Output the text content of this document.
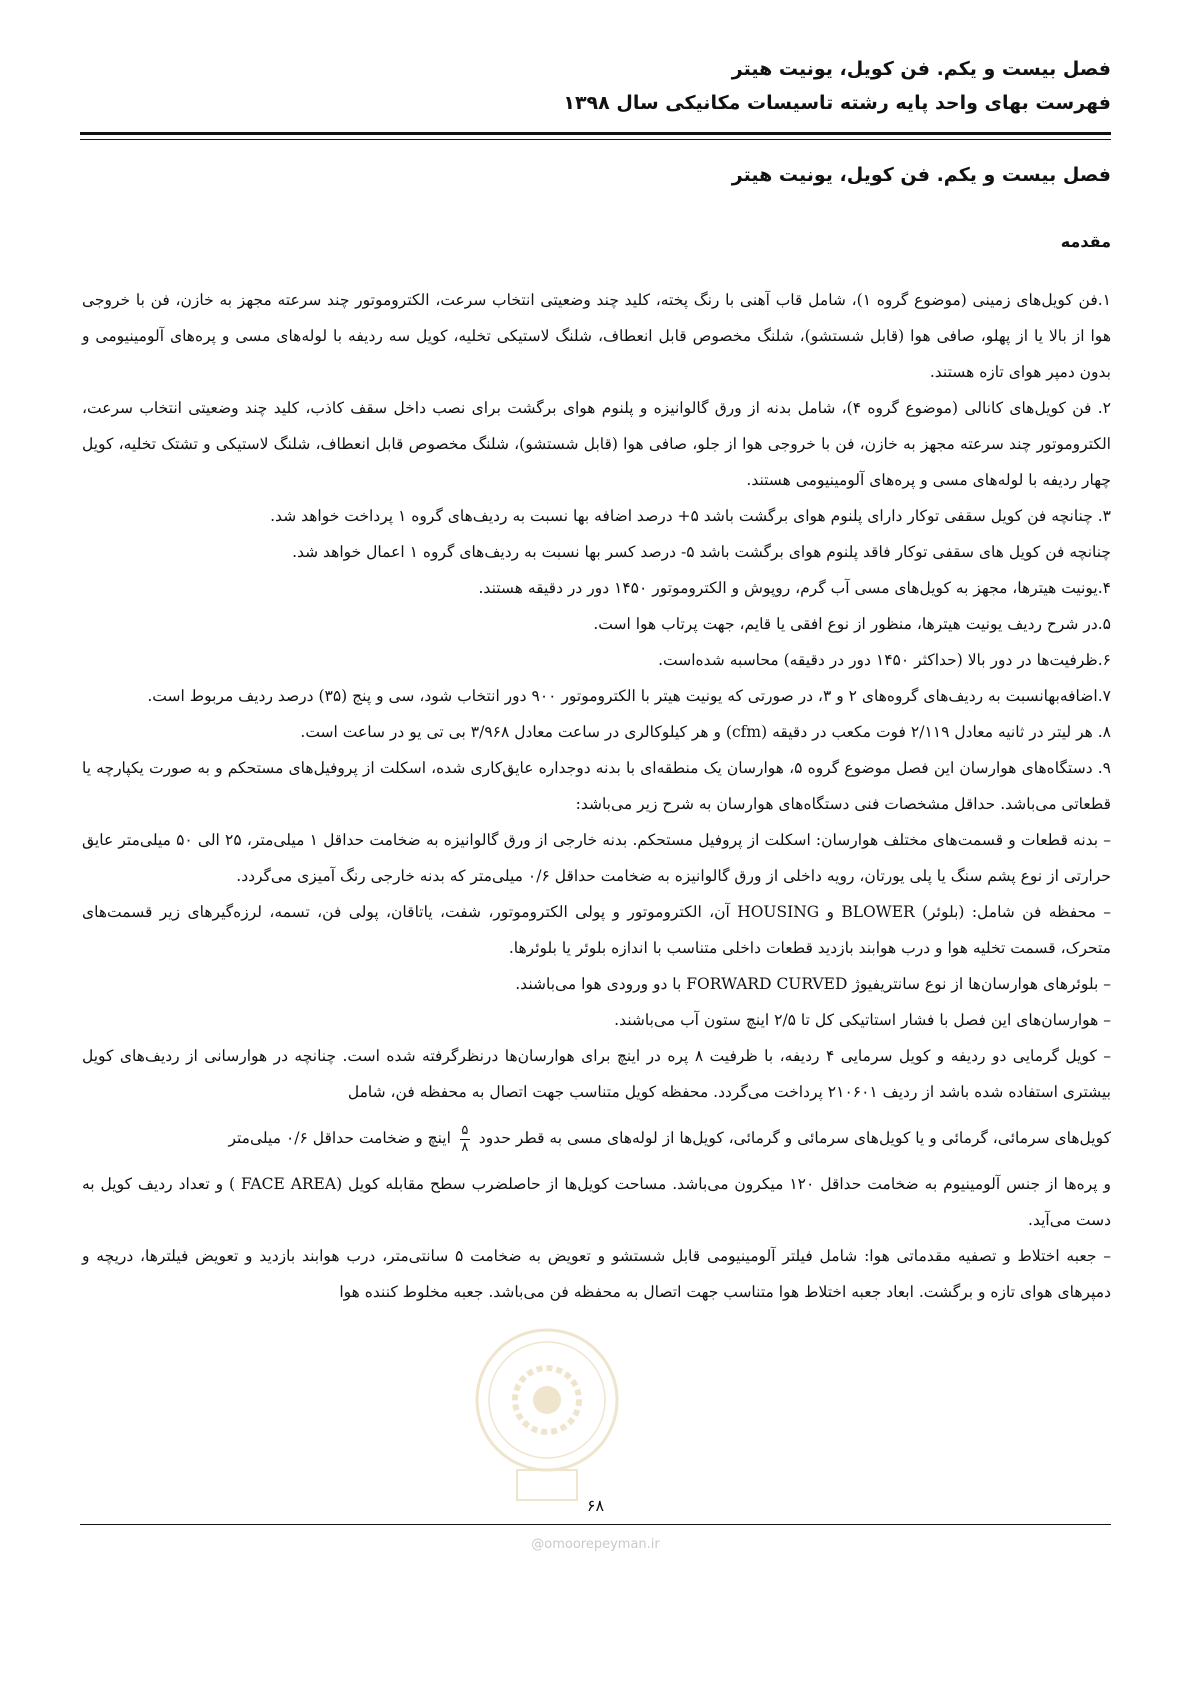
فصل بیست و یکم. فن کویل، یونیت هیتر
فهرست بهای واحد پایه رشته تاسیسات مکانیکی سال ۱۳۹۸
فصل بیست و یکم. فن کویل، یونیت هیتر
مقدمه

۱.فن کویل‌های زمینی (موضوع گروه ۱)، شامل قاب آهنی با رنگ پخته، کلید چند وضعیتی انتخاب سرعت، الکتروموتور چند سرعته مجهز به خازن، فن با خروجی هوا از بالا یا از پهلو، صافی هوا (قابل شستشو)، شلنگ مخصوص قابل انعطاف، شلنگ لاستیکی تخلیه، کویل سه ردیفه با لوله‌های مسی و پره‌های آلومینیومی و بدون دمپر هوای تازه هستند.

۲. فن کویل‌های کانالی (موضوع گروه ۴)، شامل بدنه از ورق گالوانیزه و پلنوم هوای برگشت برای نصب داخل سقف کاذب، کلید چند وضعیتی انتخاب سرعت، الکتروموتور چند سرعته مجهز به خازن، فن با خروجی هوا از جلو، صافی هوا (قابل شستشو)، شلنگ مخصوص قابل انعطاف، شلنگ لاستیکی و تشتک تخلیه، کویل چهار ردیفه با لوله‌های مسی و پره‌های آلومینیومی هستند.

۳. چنانچه فن کویل سقفی توکار دارای پلنوم هوای برگشت باشد ۵+ درصد اضافه بها نسبت به ردیف‌های گروه ۱ پرداخت خواهد شد.

چنانچه فن کویل های سقفی توکار فاقد پلنوم هوای برگشت باشد ۵- درصد کسر بها نسبت به ردیف‌های گروه ۱ اعمال خواهد شد.

۴.یونیت هیترها، مجهز به کویل‌های مسی آب گرم، روپوش و الکتروموتور ۱۴۵۰ دور در دقیقه هستند.

۵.در شرح ردیف یونیت هیترها، منظور از نوع افقی یا قایم، جهت پرتاب هوا است.

۶.ظرفیت‌ها در دور بالا (حداکثر ۱۴۵۰ دور در دقیقه) محاسبه شده‌است.

۷.اضافه‌بهانسبت به ردیف‌های گروه‌های ۲ و ۳، در صورتی که یونیت هیتر با الکتروموتور ۹۰۰ دور انتخاب شود، سی و پنج (۳۵) درصد ردیف مربوط است.

۸. هر لیتر در ثانیه معادل ۲/۱۱۹ فوت مکعب در دقیقه (cfm) و هر کیلوکالری در ساعت معادل ۳/۹۶۸ بی تی یو در ساعت است.

۹. دستگاه‌های هوارسان این فصل موضوع گروه ۵، هوارسان یک منطقه‌ای با بدنه دوجداره عایق‌کاری شده، اسکلت از پروفیل‌های مستحکم و به صورت یکپارچه یا قطعاتی می‌باشد. حداقل مشخصات فنی دستگاه‌های هوارسان به شرح زیر می‌باشد:

– بدنه قطعات و قسمت‌های مختلف هوارسان: اسکلت از پروفیل مستحکم. بدنه خارجی از ورق گالوانیزه به ضخامت حداقل ۱ میلی‌متر، ۲۵ الی ۵۰ میلی‌متر عایق حرارتی از نوع پشم سنگ یا پلی یورتان، رویه داخلی از ورق گالوانیزه به ضخامت حداقل ۰/۶ میلی‌متر که بدنه خارجی رنگ آمیزی می‌گردد.

– محفظه فن شامل: (بلوئر) BLOWER و HOUSING آن، الکتروموتور و پولی الکتروموتور، شفت، یاتاقان، پولی فن، تسمه، لرزه‌گیرهای زیر قسمت‌های متحرک، قسمت تخلیه هوا و درب هوابند بازدید قطعات داخلی متناسب با اندازه بلوئر یا بلوئرها.

– بلوئرهای هوارسان‌ها از نوع سانتریفیوژ FORWARD CURVED با دو ورودی هوا می‌باشند.

– هوارسان‌های این فصل با فشار استاتیکی کل تا ۲/۵ اینچ ستون آب می‌باشند.

– کویل گرمایی دو ردیفه و کویل سرمایی ۴ ردیفه، با ظرفیت ۸ پره در اینچ برای هوارسان‌ها درنظرگرفته شده است. چنانچه در هوارسانی از ردیف‌های کویل بیشتری استفاده شده باشد از ردیف ۲۱۰۶۰۱ پرداخت می‌گردد. محفظه کویل متناسب جهت اتصال به محفظه فن، شامل

کویل‌های سرمائی، گرمائی و یا کویل‌های سرمائی و گرمائی، کویل‌ها از لوله‌های مسی به قطر حدود
$\frac{۵}{۸}$
اینچ و ضخامت حداقل ۰/۶ میلی‌متر

و پره‌ها از جنس آلومینیوم به ضخامت حداقل ۱۲۰ میکرون می‌باشد. مساحت کویل‌ها از حاصلضرب سطح مقابله کویل (FACE AREA ) و تعداد ردیف کویل به دست می‌آید.

– جعبه اختلاط و تصفیه مقدماتی هوا: شامل فیلتر آلومینیومی قابل شستشو و تعویض به ضخامت ۵ سانتی‌متر، درب هوابند بازدید و تعویض فیلترها، دریچه و دمپرهای هوای تازه و برگشت. ابعاد جعبه اختلاط هوا متناسب جهت اتصال به محفظه فن می‌باشد. جعبه مخلوط کننده هوا

۶۸
@omoorepeyman.ir
